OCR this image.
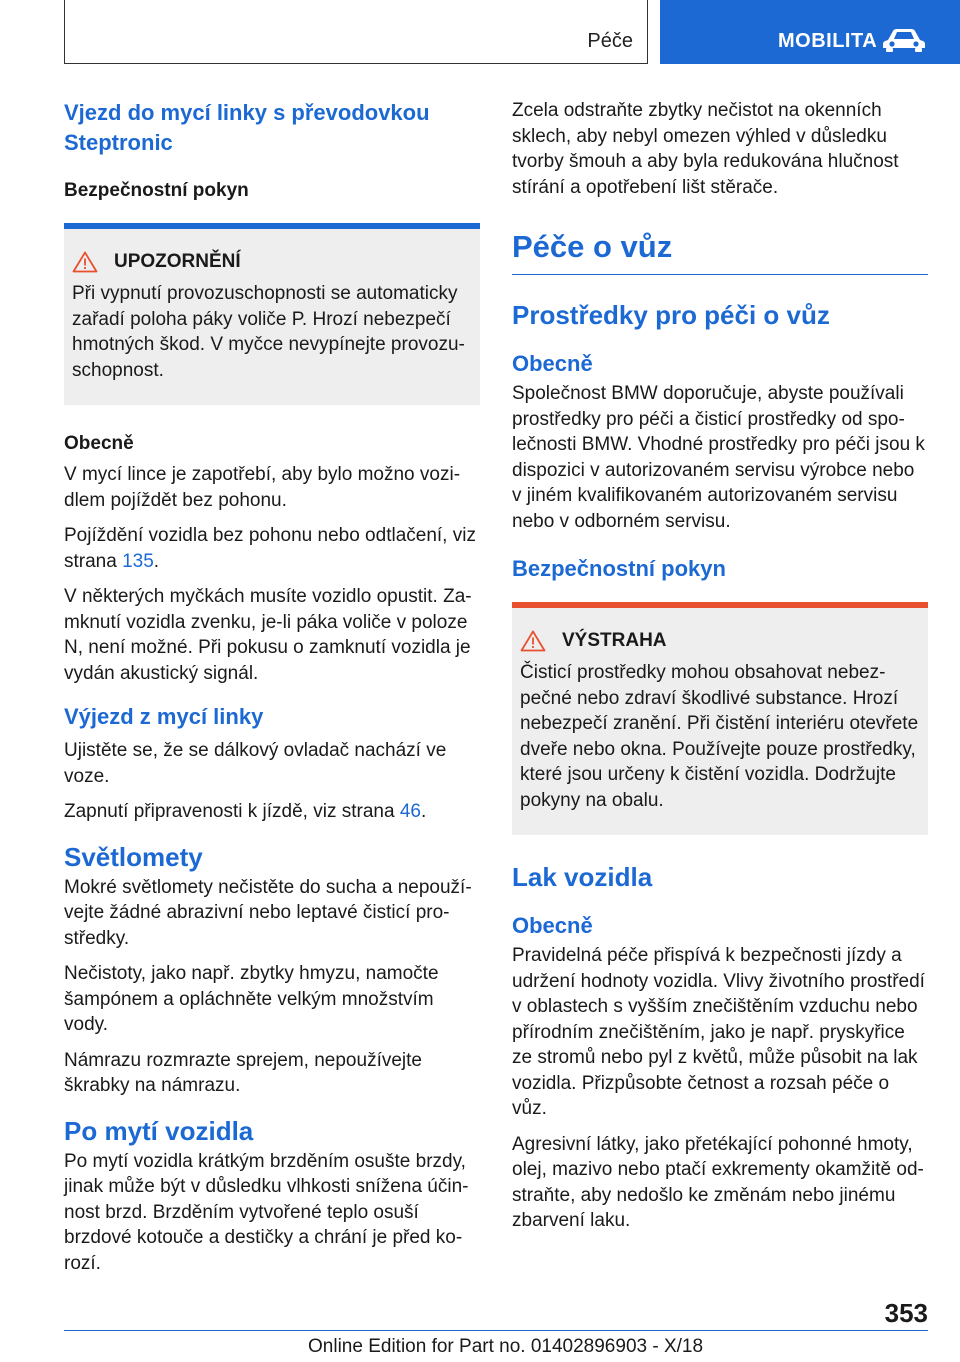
Péče	MOBILITA
Vjezd do mycí linky s převodovkou Steptronic
Bezpečnostní pokyn
UPOZORNĚNÍ

Při vypnutí provozuschopnosti se automaticky zařadí poloha páky voliče P. Hrozí nebezpečí hmotných škod. V myčce nevypínejte provozuschopnost.

Obecně

V mycí lince je zapotřebí, aby bylo možno vozidlem pojíždět bez pohonu.

Pojíždění vozidla bez pohonu nebo odtlačení, viz strana 135.

V některých myčkách musíte vozidlo opustit. Zamknutí vozidla zvenku, je-li páka voliče v poloze N, není možné. Při pokusu o zamknutí vozidla je vydán akustický signál.

Výjezd z mycí linky

Ujistěte se, že se dálkový ovladač nachází ve voze.

Zapnutí připravenosti k jízdě, viz strana 46.

Světlomety

Mokré světlomety nečistěte do sucha a nepoužívejte žádné abrazivní nebo leptavé čisticí prostředky.

Nečistoty, jako např. zbytky hmyzu, namočte šampónem a opláchněte velkým množstvím vody.

Námrazu rozmrazte sprejem, nepoužívejte škrabky na námrazu.

Po mytí vozidla

Po mytí vozidla krátkým brzděním osušte brzdy, jinak může být v důsledku vlhkosti snížena účinnost brzd. Brzděním vytvořené teplo osuší brzdové kotouče a destičky a chrání je před korozí.

Zcela odstraňte zbytky nečistot na okenních sklech, aby nebyl omezen výhled v důsledku tvorby šmouh a aby byla redukována hlučnost stírání a opotřebení lišt stěrače.

Péče o vůz
Prostředky pro péči o vůz
Obecně

Společnost BMW doporučuje, abyste používali prostředky pro péči a čisticí prostředky od společnosti BMW. Vhodné prostředky pro péči jsou k dispozici v autorizovaném servisu výrobce nebo v jiném kvalifikovaném autorizovaném servisu nebo v odborném servisu.

Bezpečnostní pokyn
VÝSTRAHA

Čisticí prostředky mohou obsahovat nebezpečné nebo zdraví škodlivé substance. Hrozí nebezpečí zranění. Při čistění interiéru otevřete dveře nebo okna. Používejte pouze prostředky, které jsou určeny k čistění vozidla. Dodržujte pokyny na obalu.

Lak vozidla
Obecně

Pravidelná péče přispívá k bezpečnosti jízdy a udržení hodnoty vozidla. Vlivy životního prostředí v oblastech s vyšším znečištěním vzduchu nebo přírodním znečištěním, jako je např. pryskyřice ze stromů nebo pyl z květů, může působit na lak vozidla. Přizpůsobte četnost a rozsah péče o vůz.

Agresivní látky, jako přetékající pohonné hmoty, olej, mazivo nebo ptačí exkrementy okamžitě odstraňte, aby nedošlo ke změnám nebo jinému zbarvení laku.

353
Online Edition for Part no. 01402896903 - X/18
